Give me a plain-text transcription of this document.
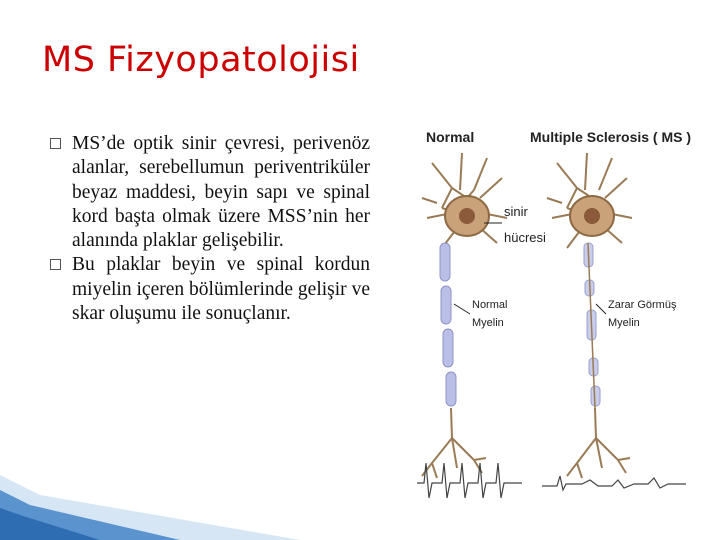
MS Fizyopatolojisi
MS’de optik sinir çevresi, perivenöz alanlar, serebellumun periventriküler beyaz maddesi, beyin sapı ve spinal kord başta olmak üzere MSS’nin her alanında plaklar gelişebilir.
Bu plaklar beyin ve spinal kordun miyelin içeren bölümlerinde gelişir ve skar oluşumu ile sonuçlanır.
Normal	Multiple Sclerosis ( MS )
sinir
hücresi
Normal
Myelin
Zarar Görmüş
Myelin
